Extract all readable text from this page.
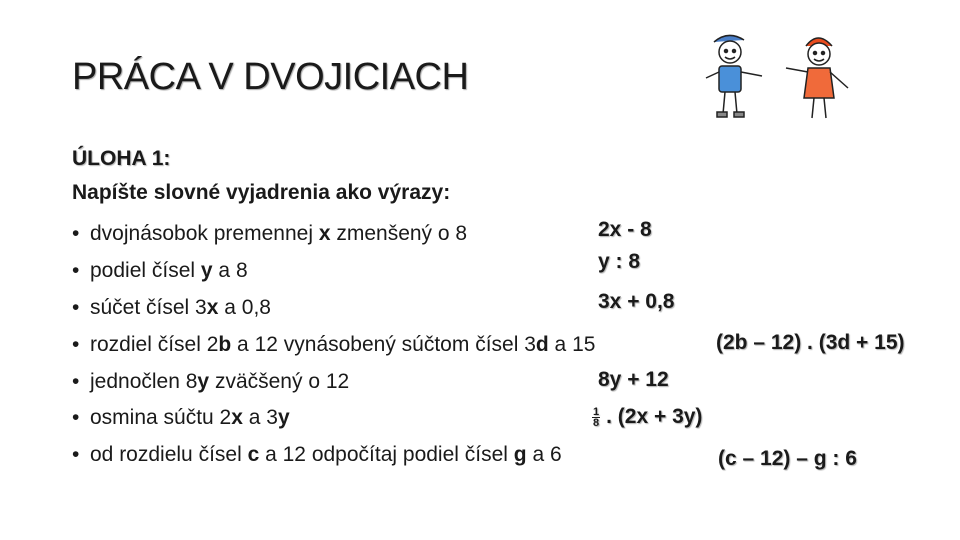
PRÁCA V DVOJICIACH
ÚLOHA 1:
Napíšte slovné vyjadrenia ako výrazy:
• dvojnásobok premennej x zmenšený o 8
• podiel čísel y a 8
• súčet čísel 3x a 0,8
• rozdiel čísel 2b a 12 vynásobený súčtom čísel 3d a 15
• jednočlen 8y zväčšený o 12
• osmina súčtu 2x a 3y
• od rozdielu čísel c a 12 odpočítaj podiel čísel g a 6
2x - 8
y : 8
3x + 0,8
(2b – 12) . (3d + 15)
8y + 12
$\frac{1}{8}$ . (2x + 3y)
(c – 12) – g : 6
